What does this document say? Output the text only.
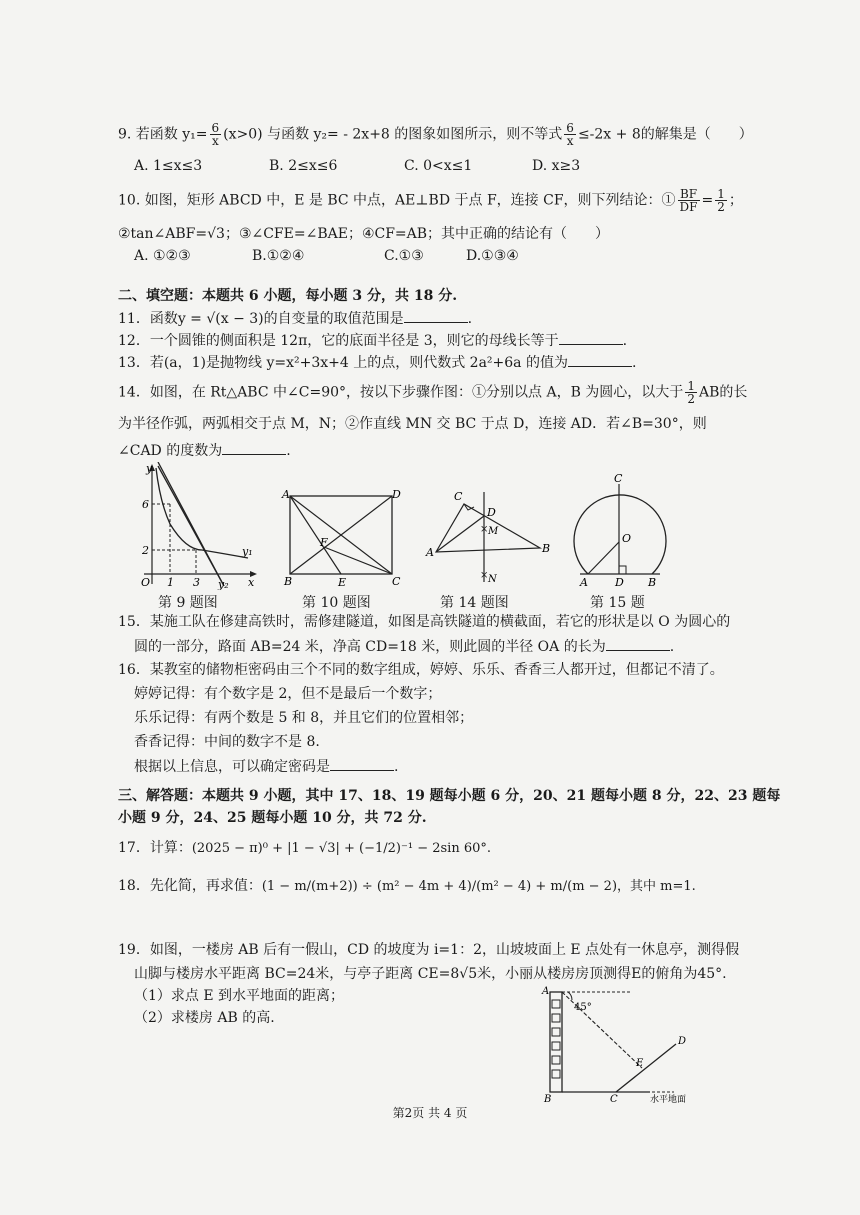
9. 若函数 $y_1= \frac{6}{x} (x>0)$ 与函数 y₂= - 2x+8 的图象如图所示，则不等式 $\frac{6}{x} \le-2x + 8$的解集是（　　）
A. 1≤x≤3	B. 2≤x≤6	C. 0<x≤1	D. x≥3
10. 如图，矩形 ABCD 中，E 是 BC 中点，AE⊥BD 于点 F，连接 CF，则下列结论：① $\frac{BF}{DF} = \frac{1}{2}$ ；
②tan∠ABF=√3；③∠CFE=∠BAE；④CF=AB；其中正确的结论有（　　）
A. ①②③	B.①②④	C.①③	D.①③④
二、填空题：本题共 6 小题，每小题 3 分，共 18 分.
11．函数y = √(x − 3)的自变量的取值范围是	.
12．一个圆锥的侧面积是 12π，它的底面半径是 3，则它的母线长等于	.
13．若(a，1)是抛物线 y=x²+3x+4 上的点，则代数式 2a²+6a 的值为	.
14．如图，在 Rt△ABC 中∠C=90°，按以下步骤作图：①分别以点 A，B 为圆心，以大于 $\frac{1}{2}$ AB的长
为半径作弧，两弧相交于点 M，N；②作直线 MN 交 BC 于点 D，连接 AD．若∠B=30°，则
∠CAD 的度数为	.
y
x
O
6
2
1 3
y₁
y₂
第 9 题图
A	D
B	C
E
F
第 10 题图
×
×
A	B
C
D
M
N
第 14 题图
C
O
A D B
第 15 题
15．某施工队在修建高铁时，需修建隧道，如图是高铁隧道的横截面，若它的形状是以 O 为圆心的
圆的一部分，路面 AB=24 米，净高 CD=18 米，则此圆的半径 OA 的长为	.
16．某教室的储物柜密码由三个不同的数字组成，婷婷、乐乐、香香三人都开过，但都记不清了。
婷婷记得：有个数字是 2，但不是最后一个数字；
乐乐记得：有两个数是 5 和 8，并且它们的位置相邻；
香香记得：中间的数字不是 8.
根据以上信息，可以确定密码是	.
三、解答题：本题共 9 小题，其中 17、18、19 题每小题 6 分，20、21 题每小题 8 分，22、23 题每
小题 9 分，24、25 题每小题 10 分，共 72 分.
17．计算：(2025 − π)⁰ + |1 − √3| + (−1/2)⁻¹ − 2sin 60°.
18．先化简，再求值：(1 − m/(m+2)) ÷ (m² − 4m + 4)/(m² − 4) + m/(m − 2)，其中 m=1.
19．如图，一楼房 AB 后有一假山，CD 的坡度为 i=1：2，山坡坡面上 E 点处有一休息亭，测得假
山脚与楼房水平距离 BC=24米，与亭子距离 CE=8√5米，小丽从楼房房顶测得E的俯角为45°.
（1）求点 E 到水平地面的距离；
（2）求楼房 AB 的高.
A
45°
B	C
D
E
水平地面
第2页 共 4 页
